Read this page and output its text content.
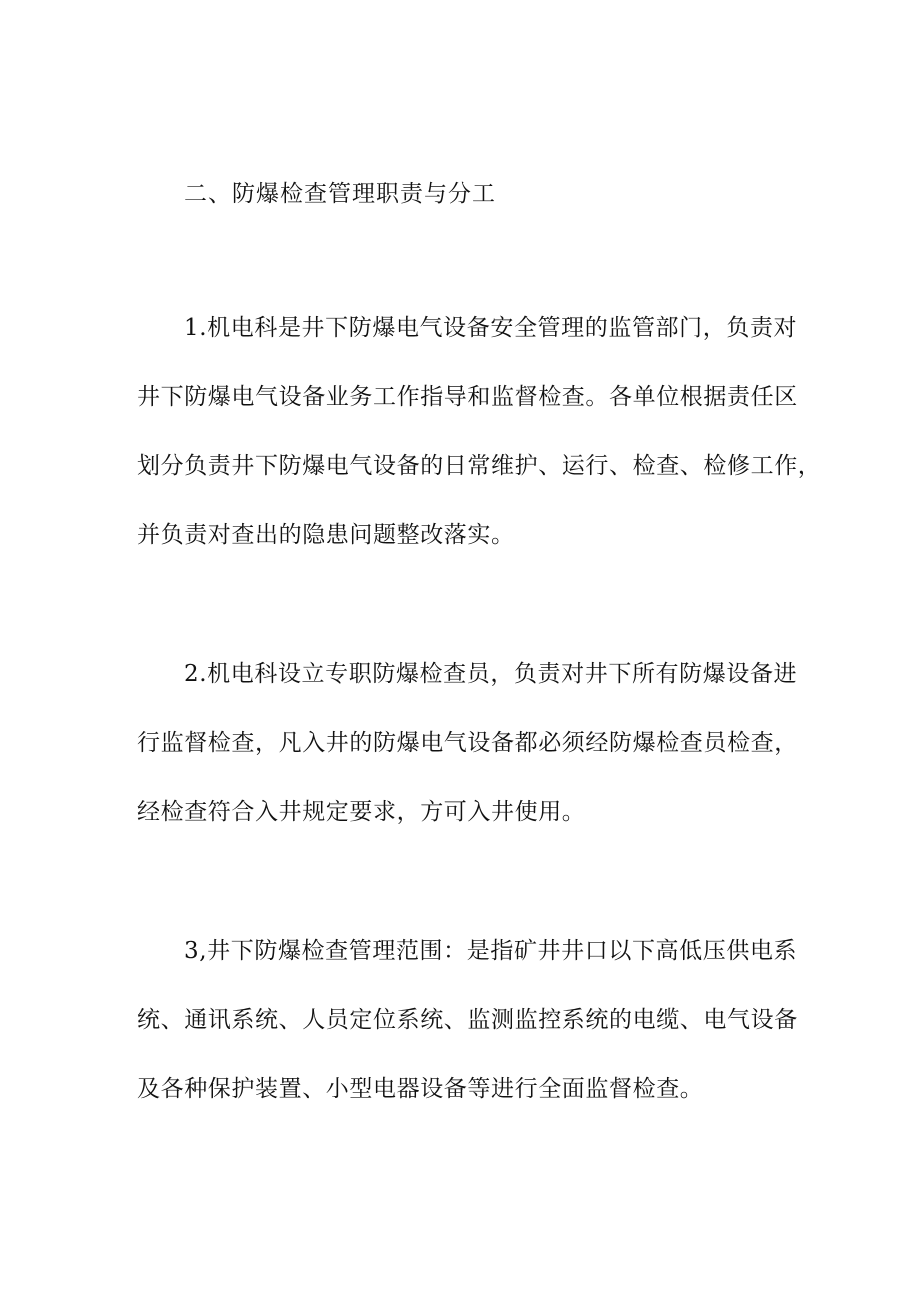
二、防爆检查管理职责与分工
1.机电科是井下防爆电气设备安全管理的监管部门，负责对
井下防爆电气设备业务工作指导和监督检查。各单位根据责任区
划分负责井下防爆电气设备的日常维护、运行、检查、检修工作，
并负责对查出的隐患问题整改落实。
2.机电科设立专职防爆检查员，负责对井下所有防爆设备进
行监督检查，凡入井的防爆电气设备都必须经防爆检查员检查，
经检查符合入井规定要求，方可入井使用。
3,井下防爆检查管理范围：是指矿井井口以下高低压供电系
统、通讯系统、人员定位系统、监测监控系统的电缆、电气设备
及各种保护装置、小型电器设备等进行全面监督检查。
